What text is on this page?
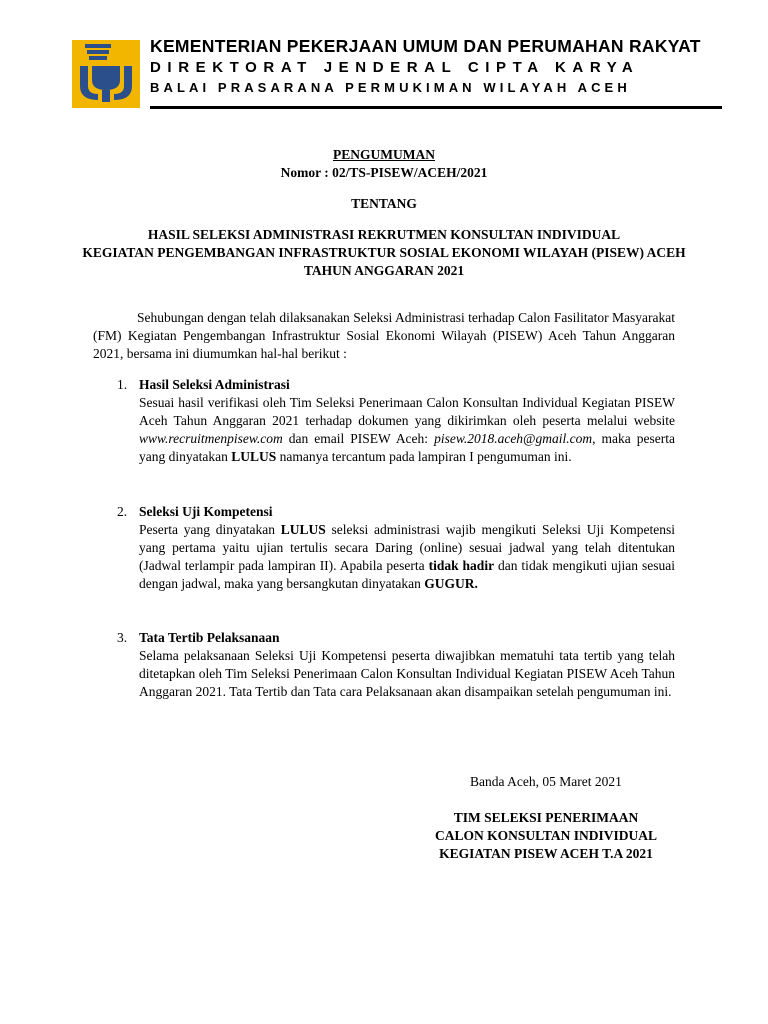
KEMENTERIAN PEKERJAAN UMUM DAN PERUMAHAN RAKYAT
DIREKTORAT JENDERAL CIPTA KARYA
BALAI PRASARANA PERMUKIMAN WILAYAH ACEH
PENGUMUMAN
Nomor : 02/TS-PISEW/ACEH/2021
TENTANG
HASIL SELEKSI ADMINISTRASI REKRUTMEN KONSULTAN INDIVIDUAL
KEGIATAN PENGEMBANGAN INFRASTRUKTUR SOSIAL EKONOMI WILAYAH (PISEW) ACEH
TAHUN ANGGARAN 2021
Sehubungan dengan telah dilaksanakan Seleksi Administrasi terhadap Calon Fasilitator Masyarakat (FM) Kegiatan Pengembangan Infrastruktur Sosial Ekonomi Wilayah (PISEW) Aceh Tahun Anggaran 2021, bersama ini diumumkan hal-hal berikut :
1. Hasil Seleksi Administrasi
Sesuai hasil verifikasi oleh Tim Seleksi Penerimaan Calon Konsultan Individual Kegiatan PISEW Aceh Tahun Anggaran 2021 terhadap dokumen yang dikirimkan oleh peserta melalui website www.recruitmenpisew.com dan email PISEW Aceh: pisew.2018.aceh@gmail.com, maka peserta yang dinyatakan LULUS namanya tercantum pada lampiran I pengumuman ini.
2. Seleksi Uji Kompetensi
Peserta yang dinyatakan LULUS seleksi administrasi wajib mengikuti Seleksi Uji Kompetensi yang pertama yaitu ujian tertulis secara Daring (online) sesuai jadwal yang telah ditentukan (Jadwal terlampir pada lampiran II). Apabila peserta tidak hadir dan tidak mengikuti ujian sesuai dengan jadwal, maka yang bersangkutan dinyatakan GUGUR.
3. Tata Tertib Pelaksanaan
Selama pelaksanaan Seleksi Uji Kompetensi peserta diwajibkan mematuhi tata tertib yang telah ditetapkan oleh Tim Seleksi Penerimaan Calon Konsultan Individual Kegiatan PISEW Aceh Tahun Anggaran 2021. Tata Tertib dan Tata cara Pelaksanaan akan disampaikan setelah pengumuman ini.
Banda Aceh, 05 Maret 2021
TIM SELEKSI PENERIMAAN
CALON KONSULTAN INDIVIDUAL
KEGIATAN PISEW ACEH T.A 2021
